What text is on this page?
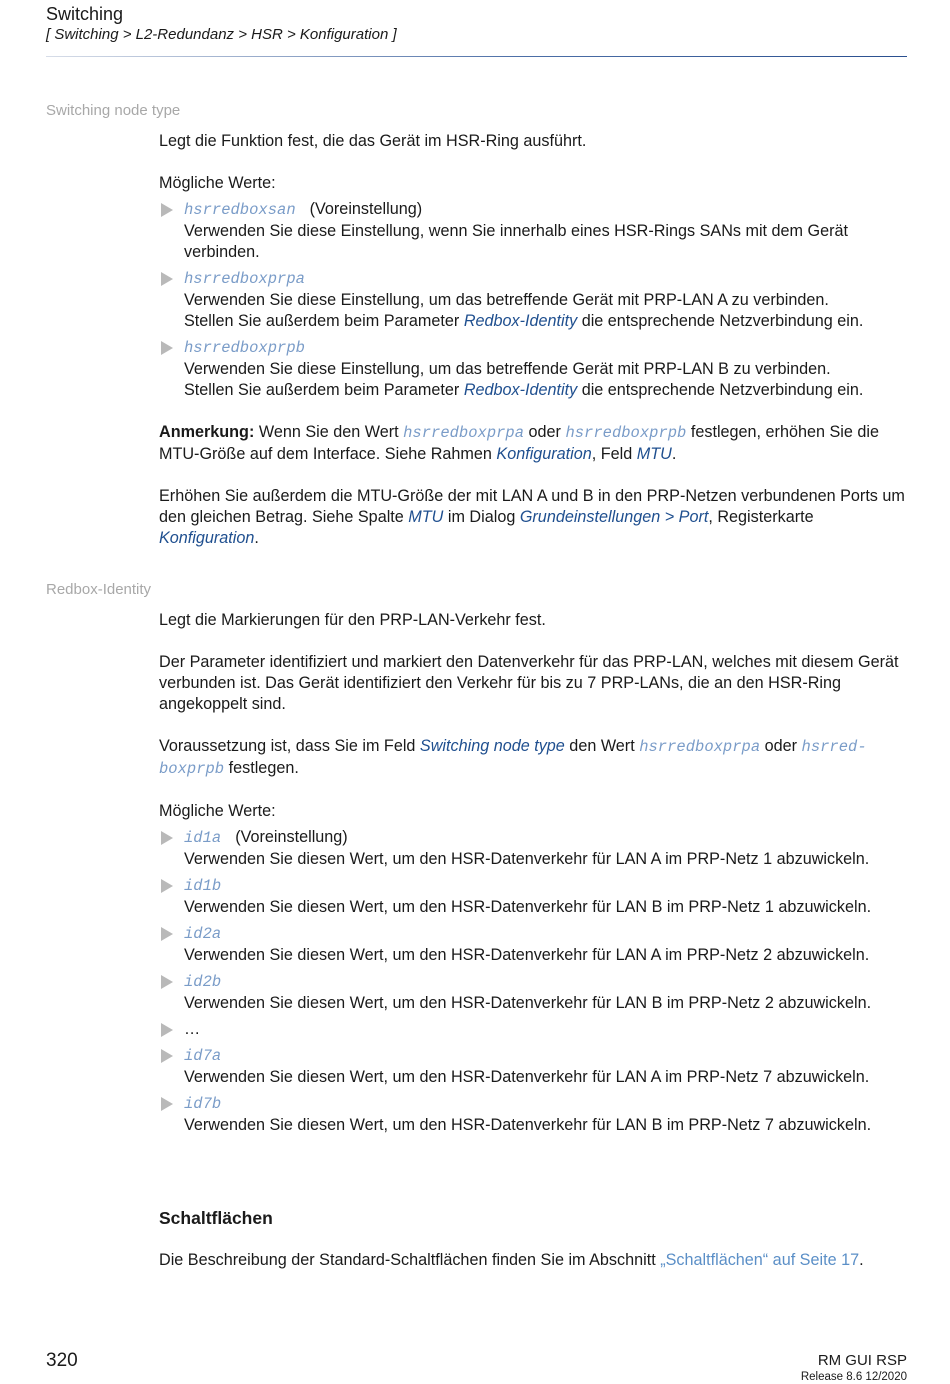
Switching
[ Switching > L2-Redundanz > HSR > Konfiguration ]
Switching node type

Legt die Funktion fest, die das Gerät im HSR-Ring ausführt.

Mögliche Werte:

hsrredboxsan (Voreinstellung)
Verwenden Sie diese Einstellung, wenn Sie innerhalb eines HSR-Rings SANs mit dem Gerät verbinden.
hsrredboxprpa
Verwenden Sie diese Einstellung, um das betreffende Gerät mit PRP-LAN A zu verbinden.
Stellen Sie außerdem beim Parameter Redbox-Identity die entsprechende Netzverbindung ein.
hsrredboxprpb
Verwenden Sie diese Einstellung, um das betreffende Gerät mit PRP-LAN B zu verbinden.
Stellen Sie außerdem beim Parameter Redbox-Identity die entsprechende Netzverbindung ein.

Anmerkung: Wenn Sie den Wert hsrredboxprpa oder hsrredboxprpb festlegen, erhöhen Sie die MTU-Größe auf dem Interface. Siehe Rahmen Konfiguration, Feld MTU.

Erhöhen Sie außerdem die MTU-Größe der mit LAN A und B in den PRP-Netzen verbundenen Ports um den gleichen Betrag. Siehe Spalte MTU im Dialog Grundeinstellungen > Port, Registerkarte Konfiguration.

Redbox-Identity

Legt die Markierungen für den PRP-LAN-Verkehr fest.

Der Parameter identifiziert und markiert den Datenverkehr für das PRP-LAN, welches mit diesem Gerät verbunden ist. Das Gerät identifiziert den Verkehr für bis zu 7 PRP-LANs, die an den HSR-Ring angekoppelt sind.

Voraussetzung ist, dass Sie im Feld Switching node type den Wert hsrredboxprpa oder hsrred-
boxprpb festlegen.

Mögliche Werte:

id1a (Voreinstellung)
Verwenden Sie diesen Wert, um den HSR-Datenverkehr für LAN A im PRP-Netz 1 abzuwickeln.
id1b
Verwenden Sie diesen Wert, um den HSR-Datenverkehr für LAN B im PRP-Netz 1 abzuwickeln.
id2a
Verwenden Sie diesen Wert, um den HSR-Datenverkehr für LAN A im PRP-Netz 2 abzuwickeln.
id2b
Verwenden Sie diesen Wert, um den HSR-Datenverkehr für LAN B im PRP-Netz 2 abzuwickeln.
…
id7a
Verwenden Sie diesen Wert, um den HSR-Datenverkehr für LAN A im PRP-Netz 7 abzuwickeln.
id7b
Verwenden Sie diesen Wert, um den HSR-Datenverkehr für LAN B im PRP-Netz 7 abzuwickeln.
Schaltflächen
Die Beschreibung der Standard-Schaltflächen finden Sie im Abschnitt „Schaltflächen“ auf Seite 17.
320	RM GUI RSP
Release 8.6 12/2020
